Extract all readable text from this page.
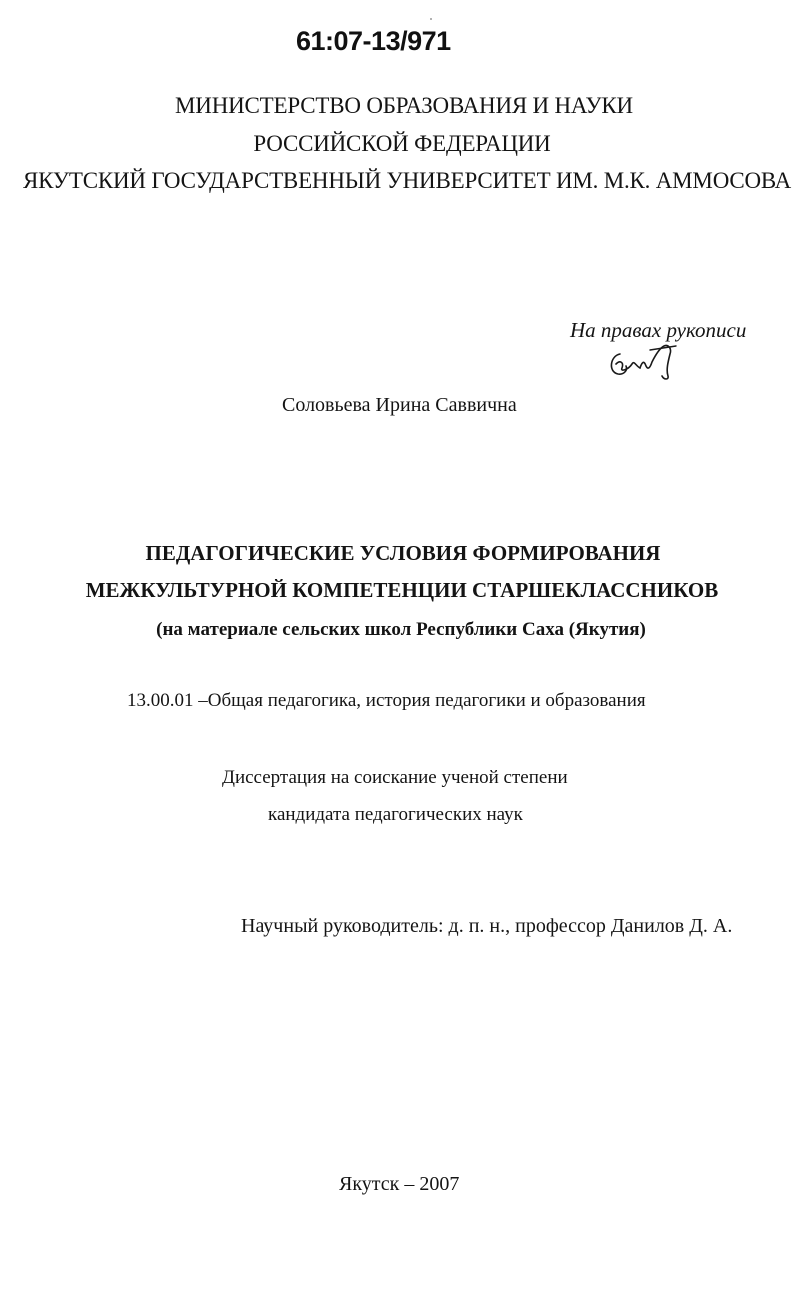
61:07-13/971
МИНИСТЕРСТВО ОБРАЗОВАНИЯ И НАУКИ
РОССИЙСКОЙ ФЕДЕРАЦИИ
ЯКУТСКИЙ ГОСУДАРСТВЕННЫЙ УНИВЕРСИТЕТ ИМ. М.К. АММОСОВА
На правах рукописи
Соловьева Ирина Саввична
ПЕДАГОГИЧЕСКИЕ УСЛОВИЯ ФОРМИРОВАНИЯ
МЕЖКУЛЬТУРНОЙ КОМПЕТЕНЦИИ СТАРШЕКЛАССНИКОВ
(на материале сельских школ Республики Саха (Якутия)
13.00.01 –Общая педагогика, история педагогики и образования
Диссертация на соискание ученой степени
кандидата педагогических наук
Научный руководитель: д. п. н., профессор Данилов Д. А.
Якутск – 2007
